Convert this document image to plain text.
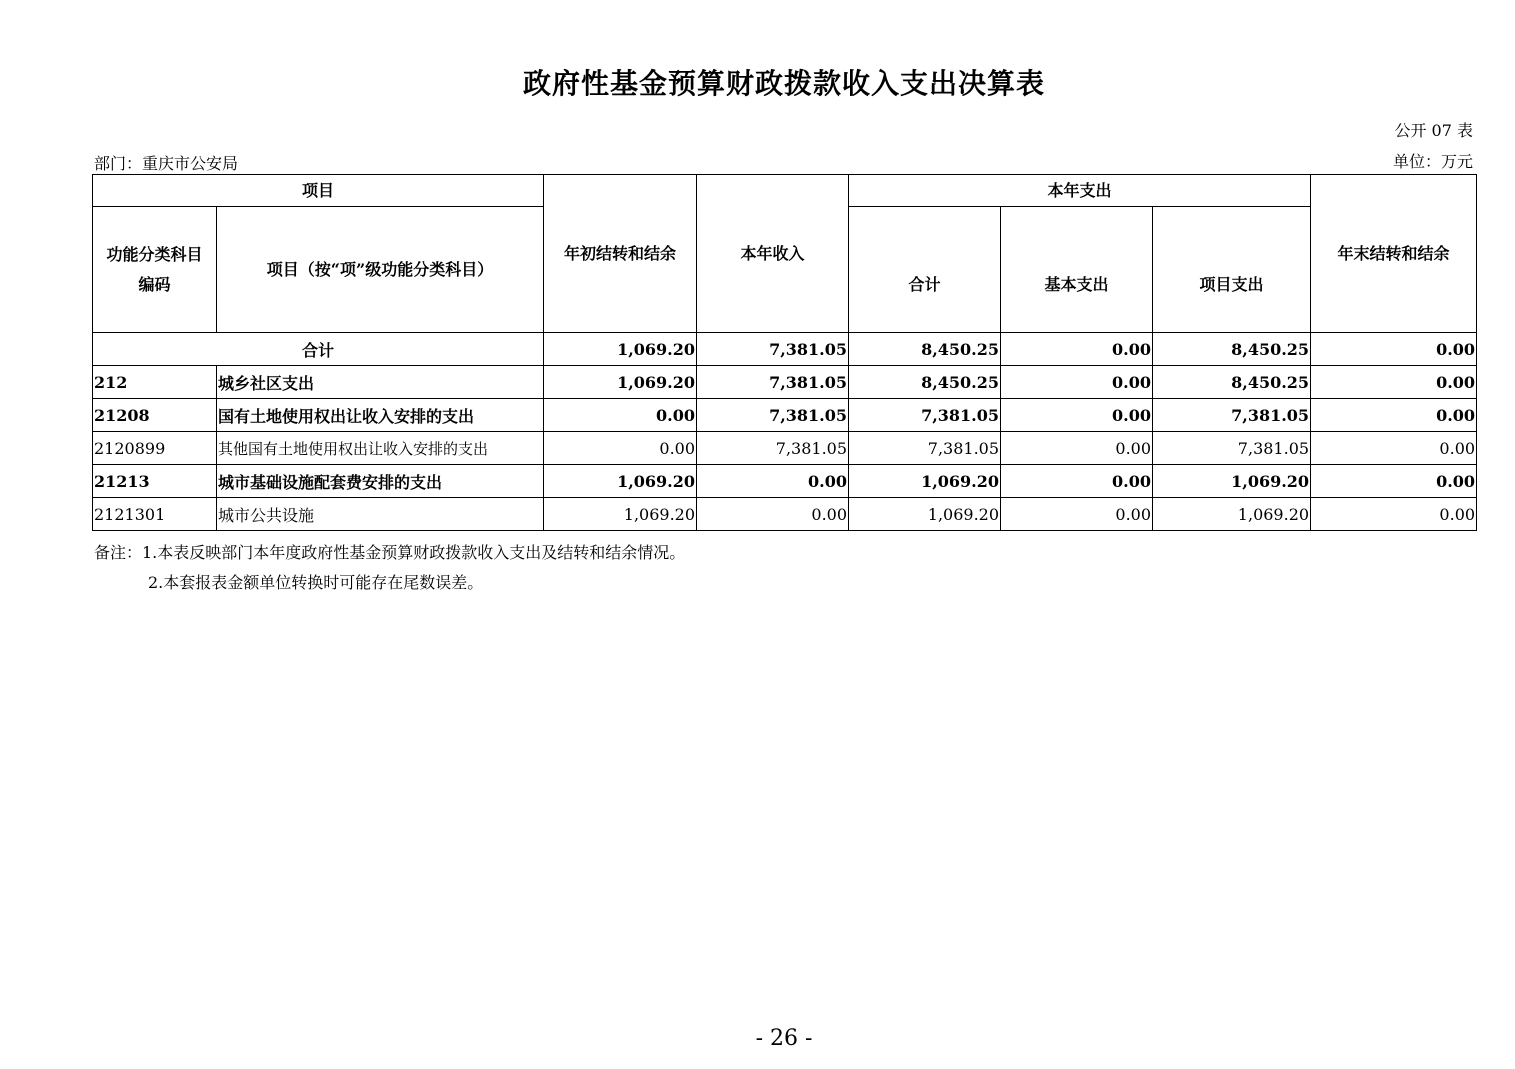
政府性基金预算财政拨款收入支出决算表
公开 07 表
部门：重庆市公安局	单位：万元
项目		年初结转和结余	本年收入	本年支出			年末结转和结余
功能分类科目编码	项目（按“项”级功能分类科目）			合计	基本支出	项目支出	
合计		1,069.20	7,381.05	8,450.25	0.00	8,450.25	0.00
212	城乡社区支出	1,069.20	7,381.05	8,450.25	0.00	8,450.25	0.00
21208	国有土地使用权出让收入安排的支出	0.00	7,381.05	7,381.05	0.00	7,381.05	0.00
2120899	其他国有土地使用权出让收入安排的支出	0.00	7,381.05	7,381.05	0.00	7,381.05	0.00
21213	城市基础设施配套费安排的支出	1,069.20	0.00	1,069.20	0.00	1,069.20	0.00
2121301	城市公共设施	1,069.20	0.00	1,069.20	0.00	1,069.20	0.00
备注：1.本表反映部门本年度政府性基金预算财政拨款收入支出及结转和结余情况。
2.本套报表金额单位转换时可能存在尾数误差。
- 26 -
